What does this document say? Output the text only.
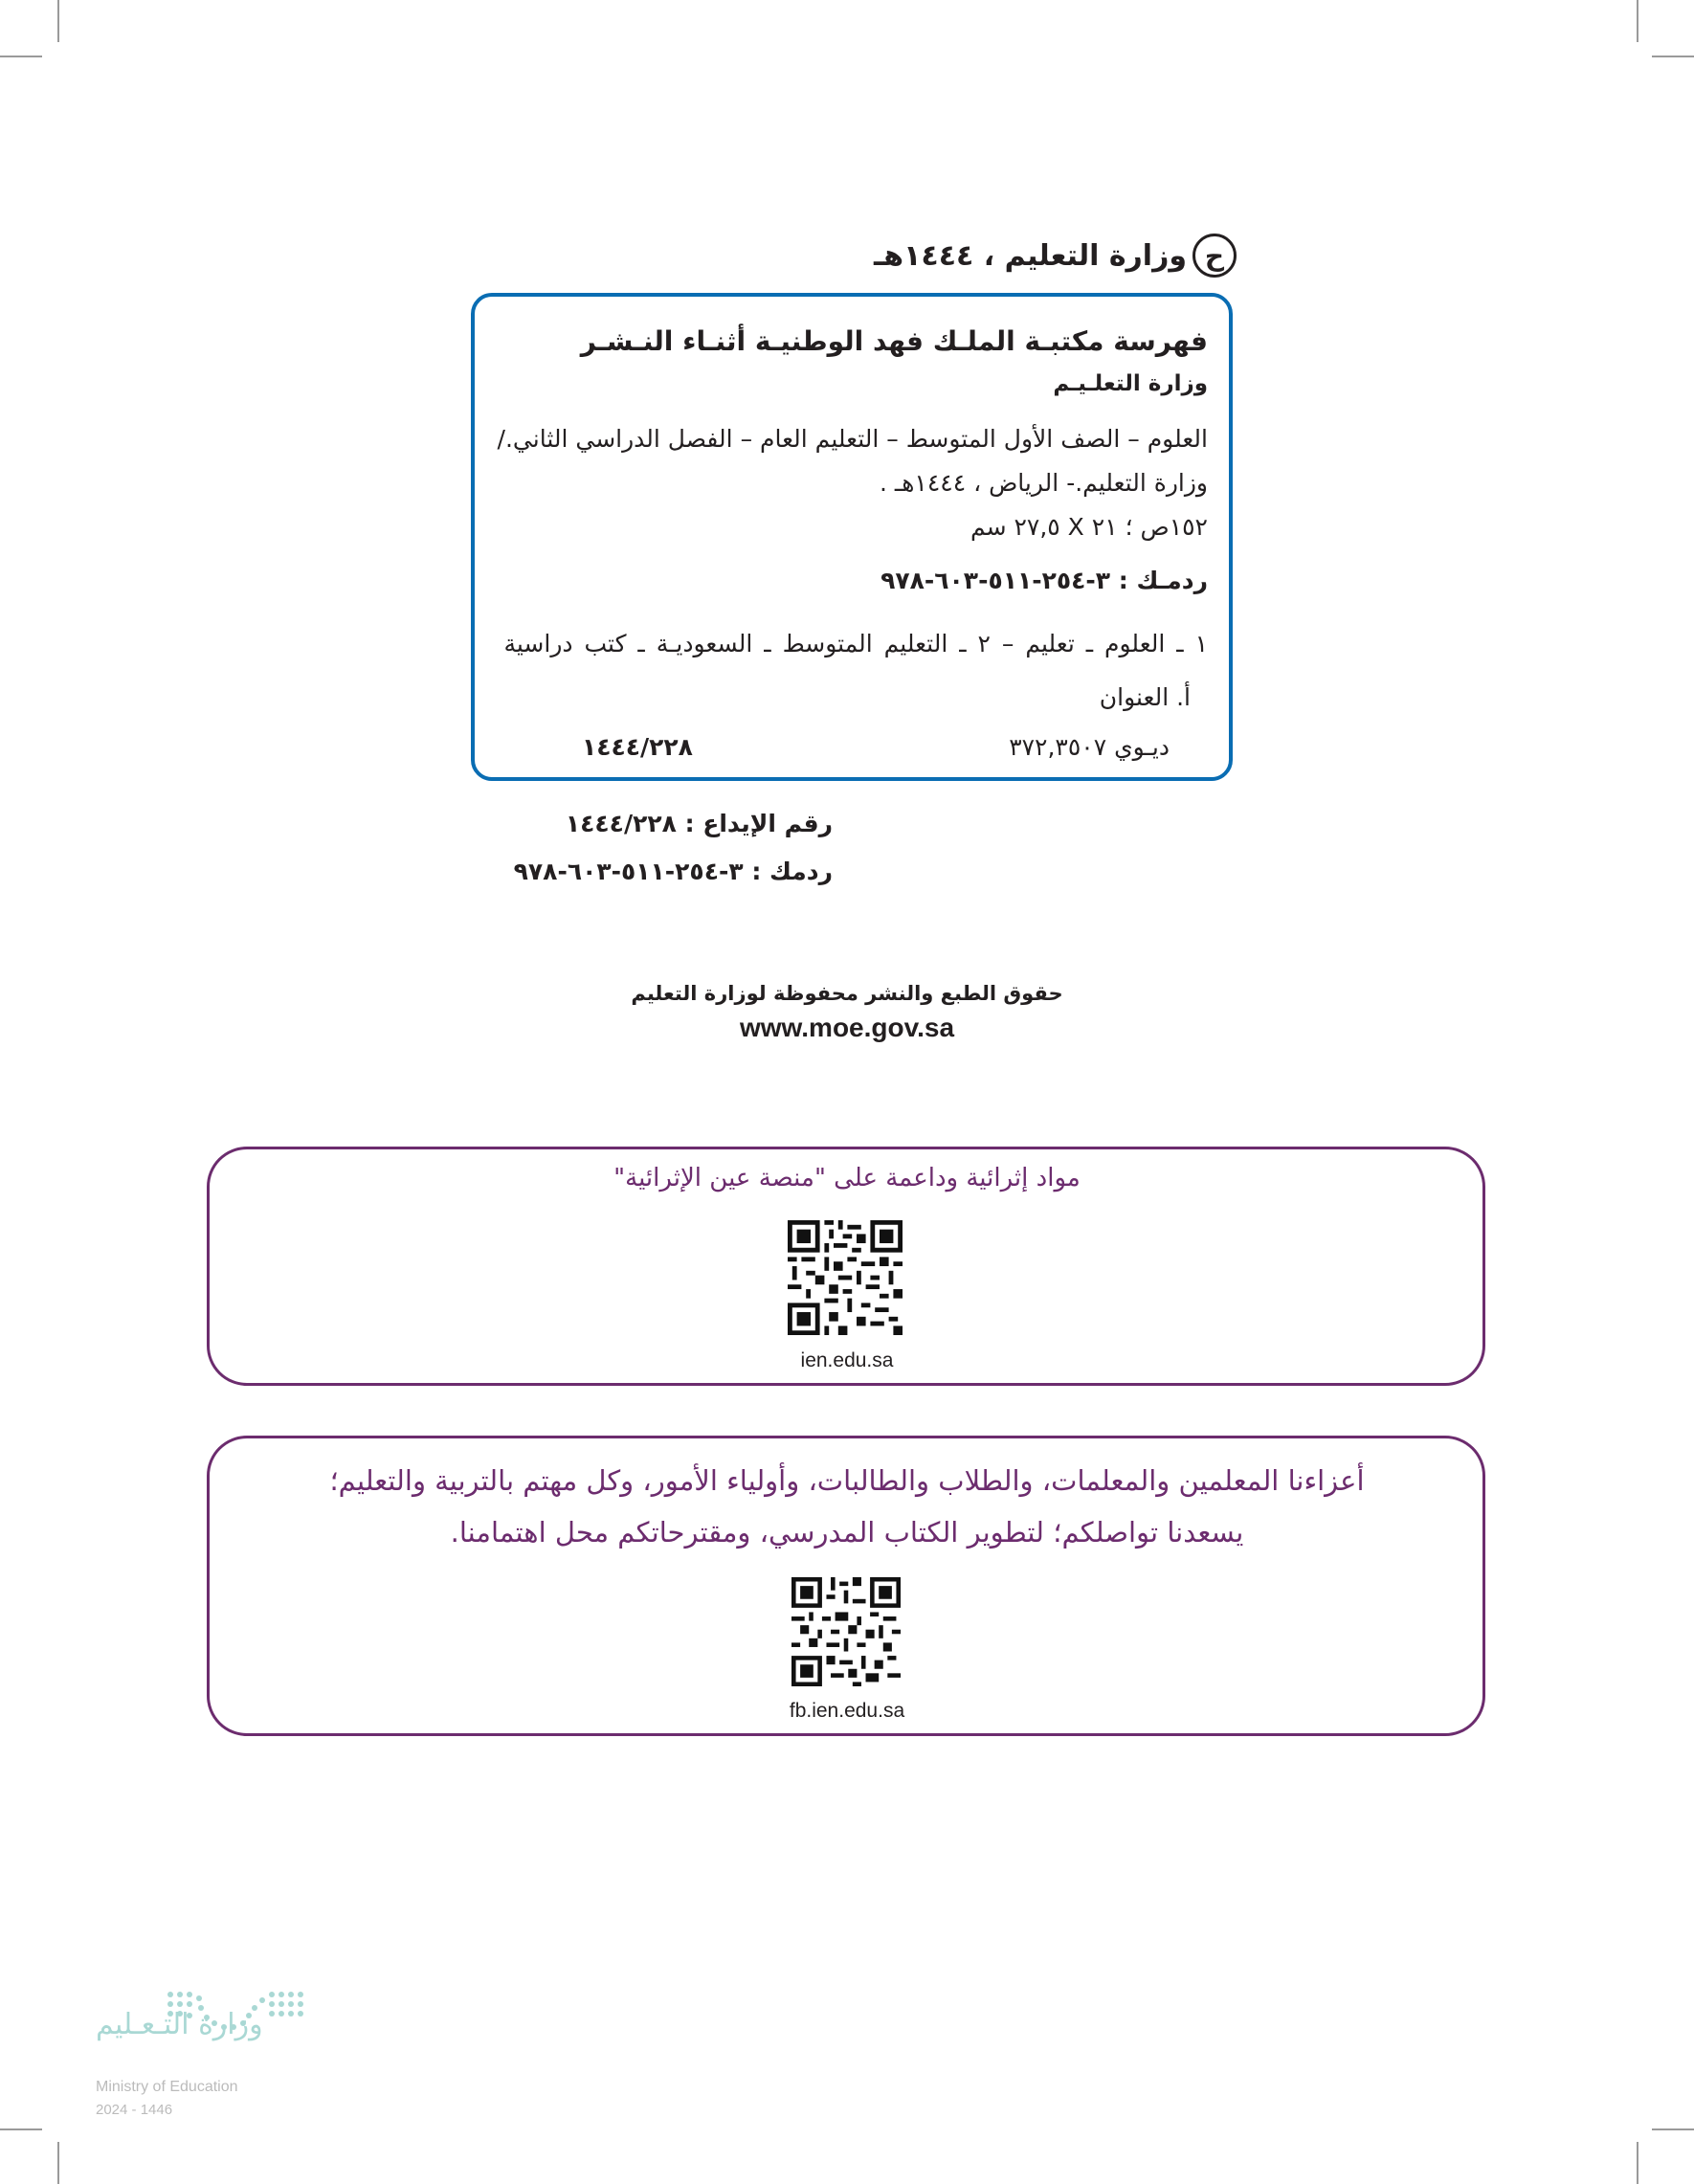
ح
وزارة التعليم ، ١٤٤٤هـ
فهرسة مكتبـة الملـك فهد الوطنيـة أثنـاء النـشـر
وزارة التعلـيـم
العلوم – الصف الأول المتوسط – التعليم العام – الفصل الدراسي الثاني./
وزارة التعليم.- الرياض ، ١٤٤٤هـ .
١٥٢ص ؛ ٢١ X ٢٧,٥ سم
ردمـك : ٣-٢٥٤-٥١١-٦٠٣-٩٧٨
١ ـ العلوم ـ تعليم – ٢ ـ التعليم المتوسط ـ السعوديـة ـ كتب دراسية
أ. العنوان
ديـوي ٣٧٢,٣٥٠٧
١٤٤٤/٢٢٨
رقم الإيداع : ١٤٤٤/٢٢٨
ردمك : ٣-٢٥٤-٥١١-٦٠٣-٩٧٨
حقوق الطبع والنشر محفوظة لوزارة التعليم
www.moe.gov.sa
مواد إثرائية وداعمة على "منصة عين الإثرائية"
ien.edu.sa
أعزاءنا المعلمين والمعلمات، والطلاب والطالبات، وأولياء الأمور، وكل مهتم بالتربية والتعليم؛
يسعدنا تواصلكم؛ لتطوير الكتاب المدرسي، ومقترحاتكم محل اهتمامنا.
fb.ien.edu.sa
وزارة التـعـليم
Ministry of Education
2024 - 1446
